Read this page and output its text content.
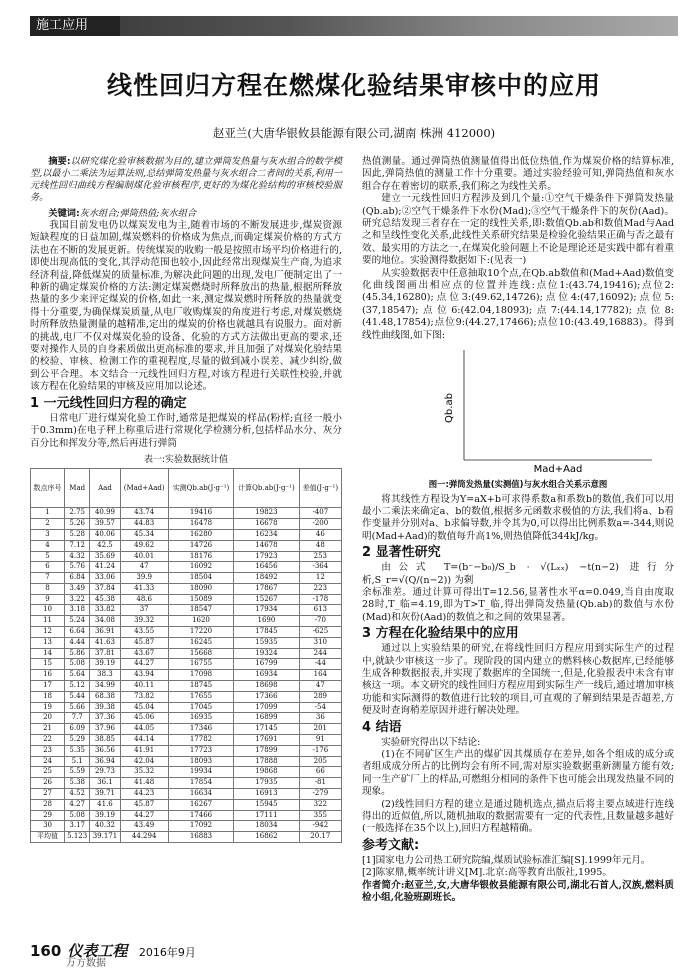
施工应用
线性回归方程在燃煤化验结果审核中的应用
赵亚兰(大唐华银攸县能源有限公司,湖南 株洲 412000)

摘要:以研究煤化验审核数据为目的,建立弹筒发热量与灰水组合的数学模型,以最小二乘法为运算法则,总结弹筒发热量与灰水组合二者间的关系,利用一元线性回归曲线方程编制煤化验审核程序,更好的为煤化验结构的审核校验服务。

关键词:灰水组合;弹筒热值;灰水组合

我国目前发电仍以煤炭发电为主,随着市场的不断发展进步,煤炭资源短缺程度的日益加剧,煤炭燃料的价格成为焦点,而确定煤炭价格的方式方法也在不断的发展更新。传统煤炭的收购一般是按照市场平均价格进行的,即使出现高低的变化,其浮动范围也较小,因此经常出现煤炭生产商,为追求经济利益,降低煤炭的质量标准,为解决此问题的出现,发电厂便制定出了一种新的确定煤炭价格的方法:测定煤炭燃烧时所释放出的热量,根据所释放热量的多少来评定煤炭的价格,如此一来,测定煤炭燃时所释放的热量就变得十分重要,为确保煤炭质量,从电厂收购煤炭的角度进行考虑,对煤炭燃烧时所释放热量测量的越精准,定出的煤炭的价格也就越具有说服力。面对新的挑战,电厂不仅对煤炭化验的设备、化验的方式方法做出更高的要求,还要对操作人员的自身素质做出更高标准的要求,并且加强了对煤炭化验结果的校验、审核、检测工作的重视程度,尽量的做到减小误差、减少纠纷,做到公平合理。本文结合一元线性回归方程,对该方程进行关联性校验,并就该方程在化验结果的审核及应用加以论述。

1 一元线性回归方程的确定

日常电厂进行煤炭化验工作时,通常是把煤炭的样品(粉样;直径一般小于0.3mm)在电子秤上称重后进行常规化学检测分析,包括样品水分、灰分百分比和挥发分等,然后再进行弹筒

表一:实验数据统计值
数点序号	Mad	Aad	(Mad+Aad)	实测Qb.ab(J·g⁻¹)	计算Qb.ab(J·g⁻¹)	差值(J·g⁻¹)
1	2.75	40.99	43.74	19416	19823	-407
2	5.26	39.57	44.83	16478	16678	-200
3	5.28	40.06	45.34	16280	16234	46
4	7.12	42.5	49.62	14726	14678	48
5	4.32	35.69	40.01	18176	17923	253
6	5.76	41.24	47	16092	16456	-364
7	6.84	33.06	39.9	18504	18492	12
8	3.49	37.84	41.33	18090	17867	223
9	3.22	45.38	48.6	15089	15267	-178
10	3.18	33.82	37	18547	17934	613
11	5.24	34.08	39.32	1620	1690	-70
12	6.64	36.91	43.55	17220	17845	-625
13	4.44	41.63	45.87	16245	15935	310
14	5.86	37.81	43.67	15668	19324	244
15	5.08	39.19	44.27	16755	16799	-44
16	5.64	38.3	43.94	17098	16934	164
17	5.12	34.99	40.11	18745	18698	47
18	5.44	68.38	73.82	17655	17366	289
19	5.66	39.38	45.04	17045	17099	-54
20	7.7	37.36	45.06	16935	16899	36
21	6.09	37.96	44.05	17346	17145	201
22	5.29	38.85	44.14	17782	17691	91
23	5.35	36.56	41.91	17723	17899	-176
24	5.1	36.94	42.04	18093	17888	205
25	5.59	29.73	35.32	19934	19868	66
26	5.38	36.1	41.48	17854	17935	-81
27	4.52	39.71	44.23	16634	16913	-279
28	4.27	41.6	45.87	16267	15945	322
29	5.08	39.19	44.27	17466	17111	355
30	3.17	40.32	43.49	17092	18034	-942
平均值	5.123	39.171	44.294	16883	16862	20.17

热值测量。通过弹筒热值测量值得出低位热值,作为煤炭价格的结算标准,因此,弹筒热值的测量工作十分重要。通过实验经验可知,弹筒热值和灰水组合存在着密切的联系,我们称之为线性关系。

建立一元线性回归方程涉及到几个量:①空气干燥条件下弹筒发热量(Qb.ab);②空气干燥条件下水份(Mad);③空气干燥条件下的灰份(Aad)。研究总结发现三者存在一定的线性关系,即:数值Qb.ab和数值Mad与Aad之和呈线性变化关系,此线性关系研究结果是检验化验结果正确与否之最有效、最实用的方法之一,在煤炭化验问题上不论是理论还是实践中都有着重要的地位。实验测得数据如下:(见表一)

从实验数据表中任意抽取10个点,在Qb.ab数值和(Mad+Aad)数值变化曲线图画出相应点的位置并连线:点位1:(43.74,19416);点位2:(45.34,16280);点位3:(49.62,14726);点位4:(47,16092);点位5:(37,18547);点位6:(42.04,18093);点7:(44.14,17782);点位8:(41.48,17854);点位9:(44.27,17466);点位10:(43.49,16883)。得到线性曲线图,如下图:

Qb.ab
Mad+Aad
图一:弹筒发热量(实测值)与灰水组合关系示意图

将其线性方程设为Y=aX+b可求得系数a和系数b的数值,我们可以用最小二乘法来确定a、b的数值,根据多元函数求极值的方法,我们将a、b看作变量并分别对a、b求偏导数,并令其为0,可以得出比例系数a=-344,则说明(Mad+Aad)的数值每升高1%,则热值降低344kJ/kg。

2 显著性研究

由公式 T=(b⁻−b₀)/S_b · √(Lₓₓ) −t(n−2) 进行分析,S_r=√(Q/(n−2)) 为剩

余标准差。通过计算可得出T=12.56,显著性水平α=0.049,当自由度取28时,T_临=4.19,即为T>T_临,得出弹筒发热量(Qb.ab)的数值与水份(Mad)和灰份(Aad)的数值之和之间的效果显著。

3 方程在化验结果中的应用

通过以上实验结果的研究,在将线性回归方程应用到实际生产的过程中,就缺少审核这一步了。现阶段的国内建立的燃料核心数据库,已经能够生成各种数据报表,并实现了数据库的全国统一,但是,化验报表中未含有审核这一项。本文研究的线性回归方程应用到实际生产一线后,通过增加审核功能和实际测得的数值进行比较的项目,可直观的了解到结果是否超差,方便及时查询稍差原因并进行解决处理。

4 结语

实验研究得出以下结论:

(1)在不同矿区生产出的煤矿因其煤质存在差异,如各个组成的成分或者组成成分所占的比例均会有所不同,需对原实验数据重新测量方能有效;同一生产矿厂上的样品,可燃组分相同的条件下也可能会出现发热量不同的现象。

(2)线性回归方程的建立是通过随机选点,描点后将主要点域进行连线得出的近似值,所以,随机抽取的数据需要有一定的代表性,且数量越多越好(一般选择在35个以上),回归方程越精确。

参考文献:

[1]国家电力公司热工研究院编,煤质试验标准汇编[S].1999年元月。

[2]陈家鼎,概率统计讲义[M].北京:高等教育出版社,1995。

作者简介:赵亚兰,女,大唐华银攸县能源有限公司,湖北石首人,汉族,燃料质检小组,化验班副班长。

160 仪表工程 2016年9月
万方数据
